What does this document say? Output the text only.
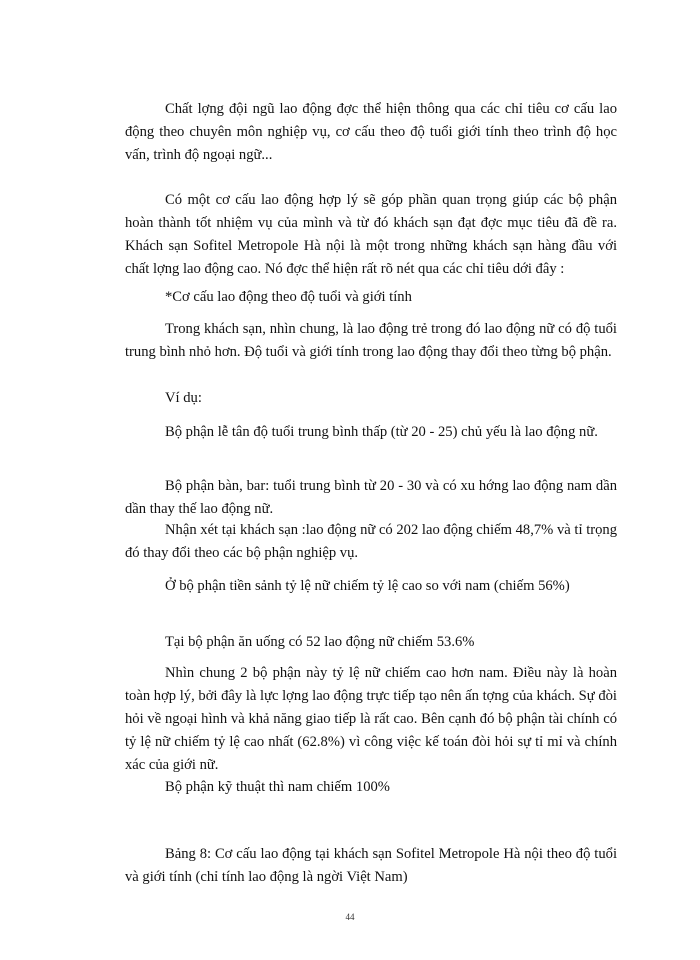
Chất lợng đội ngũ lao động đợc thể hiện thông qua các chỉ tiêu cơ cấu lao động theo chuyên môn nghiệp vụ, cơ cấu theo độ tuổi giới tính theo trình độ học vấn, trình độ ngoại ngữ...

Có một cơ cấu lao động hợp lý sẽ góp phần quan trọng giúp các bộ phận hoàn thành tốt nhiệm vụ của mình và từ đó khách sạn đạt đợc mục tiêu đã đề ra. Khách sạn Sofitel Metropole Hà nội là một trong những khách sạn hàng đầu với chất lợng lao động cao. Nó đợc thể hiện rất rõ nét qua các chỉ tiêu dới đây :

*Cơ cấu lao động theo độ tuổi và giới tính

Trong khách sạn, nhìn chung, là lao động trẻ trong đó lao động nữ có độ tuổi trung bình nhỏ hơn. Độ tuổi và giới tính trong lao động thay đổi theo từng bộ phận.

Ví dụ:

Bộ phận lễ tân độ tuổi trung bình thấp (từ 20 - 25) chủ yếu là lao động nữ.

Bộ phận bàn, bar: tuổi trung bình từ 20 - 30 và có xu hớng lao động nam dần dần thay thế lao động nữ.

Nhận xét tại khách sạn :lao động nữ có 202 lao động chiếm 48,7% và tỉ trọng đó thay đổi theo các bộ phận nghiệp vụ.

Ở bộ phận tiền sảnh tỷ lệ nữ chiếm tỷ lệ cao so với nam (chiếm 56%)

Tại bộ phận ăn uống có 52 lao động nữ chiếm 53.6%

Nhìn chung 2 bộ phận này tỷ lệ nữ chiếm cao hơn nam. Điều này là hoàn toàn hợp lý, bởi đây là lực lợng lao động trực tiếp tạo nên ấn tợng của khách. Sự đòi hỏi về ngoại hình và khả năng giao tiếp là rất cao. Bên cạnh đó bộ phận tài chính có tỷ lệ nữ chiếm tỷ lệ cao nhất (62.8%) vì công việc kế toán đòi hỏi sự tỉ mỉ và chính xác của giới nữ.

Bộ phận kỹ thuật thì nam chiếm 100%

Bảng 8: Cơ cấu lao động tại khách sạn Sofitel Metropole Hà nội theo độ tuổi và giới tính (chỉ tính lao động là ngời Việt Nam)

44
